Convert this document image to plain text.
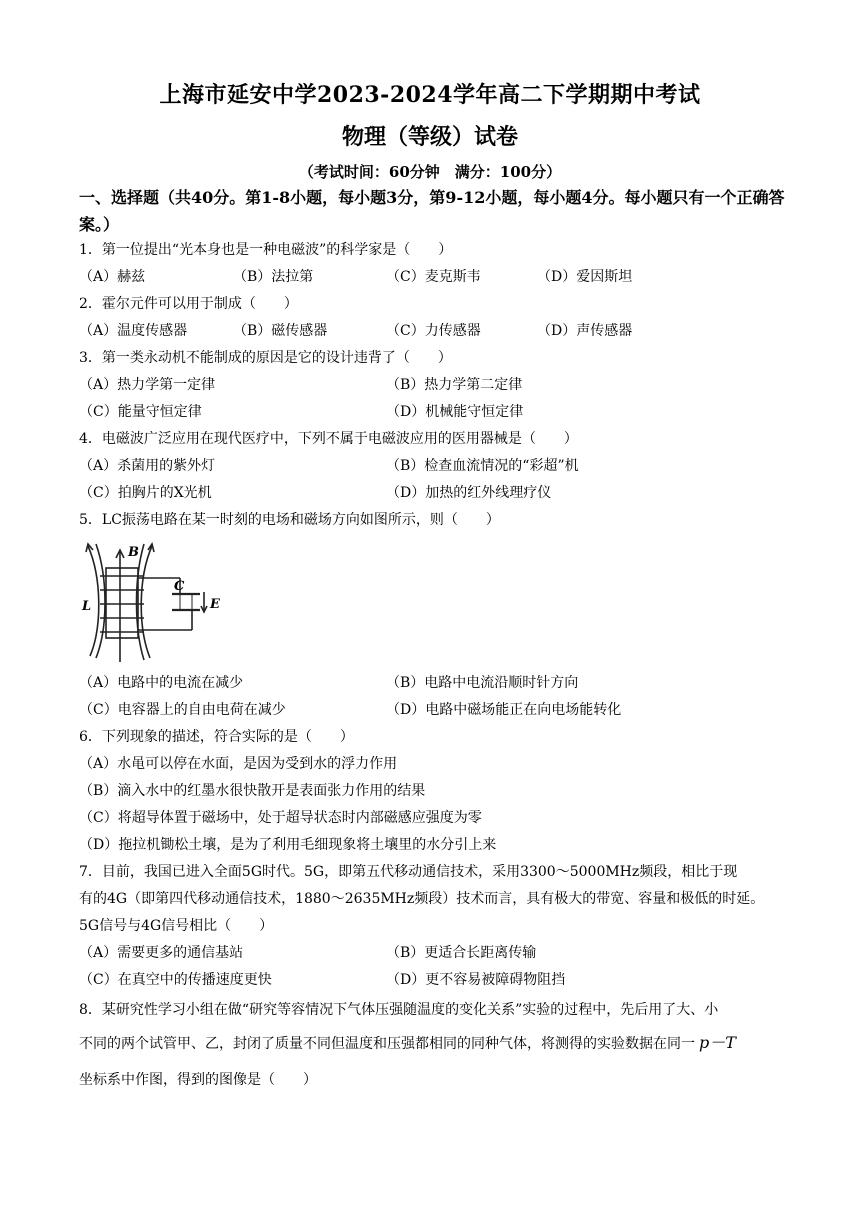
上海市延安中学2023-2024学年高二下学期期中考试
物理（等级）试卷
（考试时间：60分钟　满分：100分）
一、选择题（共40分。第1-8小题，每小题3分，第9-12小题，每小题4分。每小题只有一个正确答案。）
1．第一位提出“光本身也是一种电磁波”的科学家是（　　）
（A）赫兹	（B）法拉第	（C）麦克斯韦	（D）爱因斯坦
2．霍尔元件可以用于制成（　　）
（A）温度传感器	（B）磁传感器	（C）力传感器	（D）声传感器
3．第一类永动机不能制成的原因是它的设计违背了（　　）
（A）热力学第一定律	（B）热力学第二定律
（C）能量守恒定律	（D）机械能守恒定律
4．电磁波广泛应用在现代医疗中，下列不属于电磁波应用的医用器械是（　　）
（A）杀菌用的紫外灯	（B）检查血流情况的“彩超”机
（C）拍胸片的X光机	（D）加热的红外线理疗仪
5．LC振荡电路在某一时刻的电场和磁场方向如图所示，则（　　）
B
C
E
L
（A）电路中的电流在减少	（B）电路中电流沿顺时针方向
（C）电容器上的自由电荷在减少	（D）电路中磁场能正在向电场能转化
6．下列现象的描述，符合实际的是（　　）
（A）水黾可以停在水面，是因为受到水的浮力作用
（B）滴入水中的红墨水很快散开是表面张力作用的结果
（C）将超导体置于磁场中，处于超导状态时内部磁感应强度为零
（D）拖拉机锄松土壤，是为了利用毛细现象将土壤里的水分引上来
7．目前，我国已进入全面5G时代。5G，即第五代移动通信技术，采用3300～5000MHz频段，相比于现
有的4G（即第四代移动通信技术，1880～2635MHz频段）技术而言，具有极大的带宽、容量和极低的时延。
5G信号与4G信号相比（　　）
（A）需要更多的通信基站	（B）更适合长距离传输
（C）在真空中的传播速度更快	（D）更不容易被障碍物阻挡
8．某研究性学习小组在做“研究等容情况下气体压强随温度的变化关系”实验的过程中，先后用了大、小
不同的两个试管甲、乙，封闭了质量不同但温度和压强都相同的同种气体，将测得的实验数据在同一 p－T
坐标系中作图，得到的图像是（　　）
